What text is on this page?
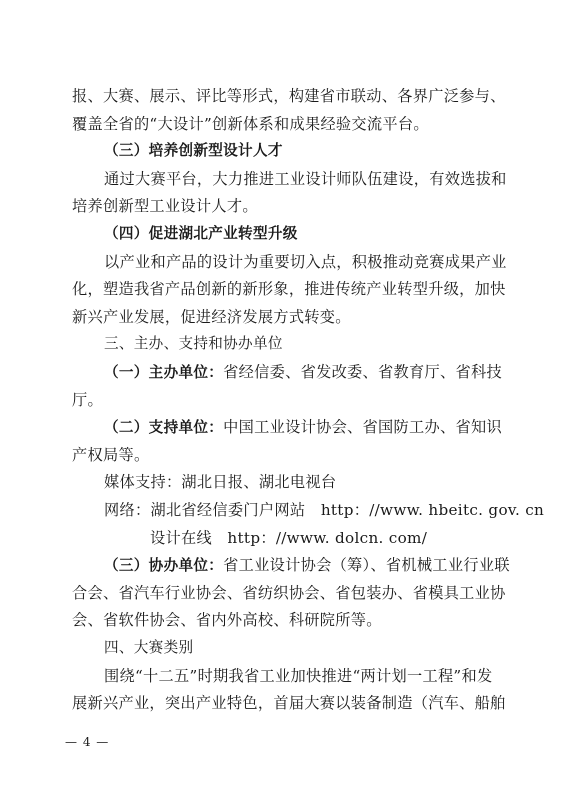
报、大赛、展示、评比等形式，构建省市联动、各界广泛参与、
覆盖全省的“大设计”创新体系和成果经验交流平台。
（三）培养创新型设计人才
通过大赛平台，大力推进工业设计师队伍建设，有效选拔和
培养创新型工业设计人才。
（四）促进湖北产业转型升级
以产业和产品的设计为重要切入点，积极推动竞赛成果产业
化，塑造我省产品创新的新形象，推进传统产业转型升级，加快
新兴产业发展，促进经济发展方式转变。
三、主办、支持和协办单位
（一）主办单位：省经信委、省发改委、省教育厅、省科技
厅。
（二）支持单位：中国工业设计协会、省国防工办、省知识
产权局等。
媒体支持：湖北日报、湖北电视台
网络：湖北省经信委门户网站　http：//www. hbeitc. gov. cn
设计在线　http：//www. dolcn. com/
（三）协办单位：省工业设计协会（筹）、省机械工业行业联
合会、省汽车行业协会、省纺织协会、省包装办、省模具工业协
会、省软件协会、省内外高校、科研院所等。
四、大赛类别
围绕“十二五”时期我省工业加快推进“两计划一工程”和发
展新兴产业，突出产业特色，首届大赛以装备制造（汽车、船舶
— 4 —
